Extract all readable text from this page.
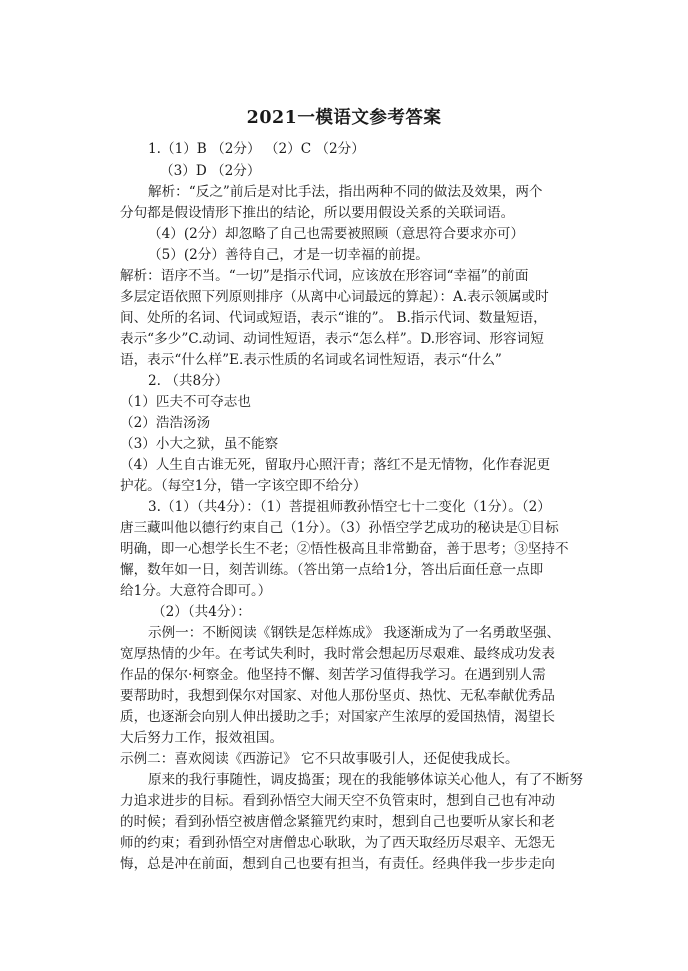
2021一模语文参考答案
1.（1）B （2分） （2）C （2分）
（3）D （2分）
解析：“反之”前后是对比手法，指出两种不同的做法及效果，两个
分句都是假设情形下推出的结论，所以要用假设关系的关联词语。
（4）(2分）却忽略了自己也需要被照顾（意思符合要求亦可）
（5）(2分）善待自己，才是一切幸福的前提。
解析：语序不当。“一切”是指示代词，应该放在形容词“幸福”的前面
多层定语依照下列原则排序（从离中心词最远的算起）：A.表示领属或时
间、处所的名词、代词或短语，表示“谁的”。 B.指示代词、数量短语，
表示“多少”C.动词、动词性短语，表示“怎么样”。D.形容词、形容词短
语，表示“什么样”E.表示性质的名词或名词性短语，表示“什么”
2. （共8分）
（1）匹夫不可夺志也
（2）浩浩汤汤
（3）小大之狱，虽不能察
（4）人生自古谁无死，留取丹心照汗青；落红不是无情物，化作春泥更
护花。（每空1分，错一字该空即不给分）
3.（1）（共4分）：（1）菩提祖师教孙悟空七十二变化（1分）。（2）
唐三藏叫他以德行约束自己（1分）。（3）孙悟空学艺成功的秘诀是①目标
明确，即一心想学长生不老；②悟性极高且非常勤奋，善于思考；③坚持不
懈，数年如一日，刻苦训练。（答出第一点给1分，答出后面任意一点即
给1分。大意符合即可。）
（2）（共4分）：
示例一：不断阅读《钢铁是怎样炼成》 我逐渐成为了一名勇敢坚强、
宽厚热情的少年。在考试失利时，我时常会想起历尽艰难、最终成功发表
作品的保尔·柯察金。他坚持不懈、刻苦学习值得我学习。在遇到别人需
要帮助时，我想到保尔对国家、对他人那份坚贞、热忱、无私奉献优秀品
质，也逐渐会向别人伸出援助之手；对国家产生浓厚的爱国热情，渴望长
大后努力工作，报效祖国。
示例二：喜欢阅读《西游记》 它不只故事吸引人，还促使我成长。
原来的我行事随性，调皮捣蛋；现在的我能够体谅关心他人，有了不断努
力追求进步的目标。看到孙悟空大闹天空不负管束时，想到自己也有冲动
的时候；看到孙悟空被唐僧念紧箍咒约束时，想到自己也要听从家长和老
师的约束；看到孙悟空对唐僧忠心耿耿，为了西天取经历尽艰辛、无怨无
悔，总是冲在前面，想到自己也要有担当，有责任。经典伴我一步步走向
